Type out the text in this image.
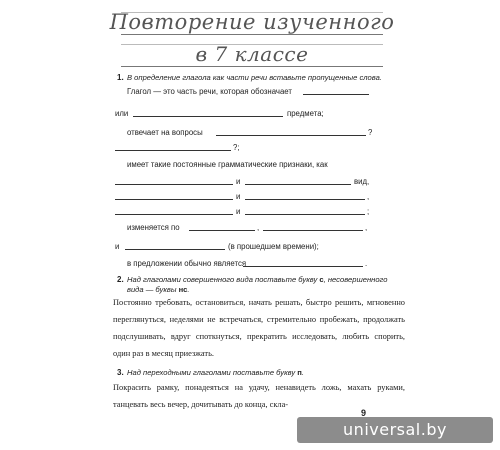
Повторение изученного
в 7 классе
1. В определение глагола как части речи вставьте пропущенные слова.
Глагол — это часть речи, которая обозначает
или	предмета;
отвечает на вопросы	?
?;
имеет такие постоянные грамматические признаки, как
и	вид,
и	,
и	;
изменяется по	,	,
и	(в прошедшем времени);
в предложении обычно является	.
2. Над глаголами совершенного вида поставьте букву с, несовершенного
вида — буквы нс.
Постоянно требовать, остановиться, начать решать, быстро решить, мгновенно переглянуться, неделями не встречаться, стремительно пробежать, продолжать подслушивать, вдруг споткнуться, прекратить исследовать, любить спорить, один раз в месяц приезжать.
3. Над переходными глаголами поставьте букву п.
Покрасить рамку, понадеяться на удачу, ненавидеть ложь, махать руками, танцевать весь вечер, дочитывать до конца, скла-
9
universal.by
